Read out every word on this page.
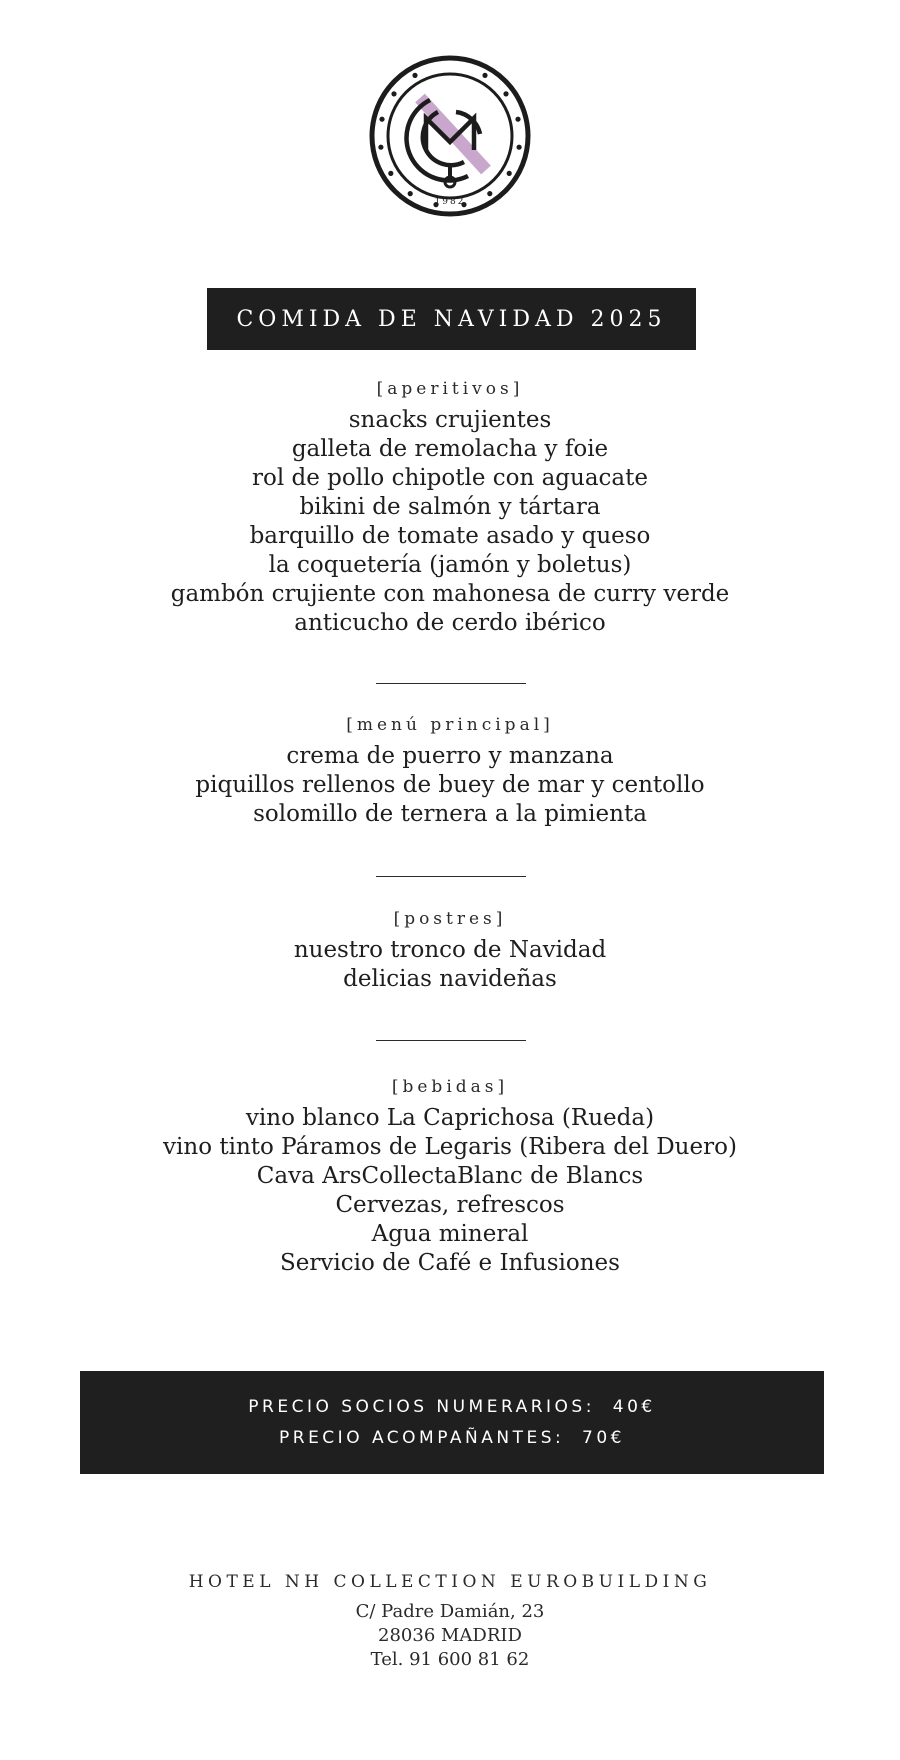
1982
COMIDA DE NAVIDAD 2025
[aperitivos]
snacks crujientes
galleta de remolacha y foie
rol de pollo chipotle con aguacate
bikini de salmón y tártara
barquillo de tomate asado y queso
la coquetería (jamón y boletus)
gambón crujiente con mahonesa de curry verde
anticucho de cerdo ibérico
[menú principal]
crema de puerro y manzana
piquillos rellenos de buey de mar y centollo
solomillo de ternera a la pimienta
[postres]
nuestro tronco de Navidad
delicias navideñas
[bebidas]
vino blanco La Caprichosa (Rueda)
vino tinto Páramos de Legaris (Ribera del Duero)
Cava ArsCollectaBlanc de Blancs
Cervezas, refrescos
Agua mineral
Servicio de Café e Infusiones
PRECIO SOCIOS NUMERARIOS:  40€
PRECIO ACOMPAÑANTES:  70€
HOTEL NH COLLECTION EUROBUILDING
C/ Padre Damián, 23
28036 MADRID
Tel. 91 600 81 62
